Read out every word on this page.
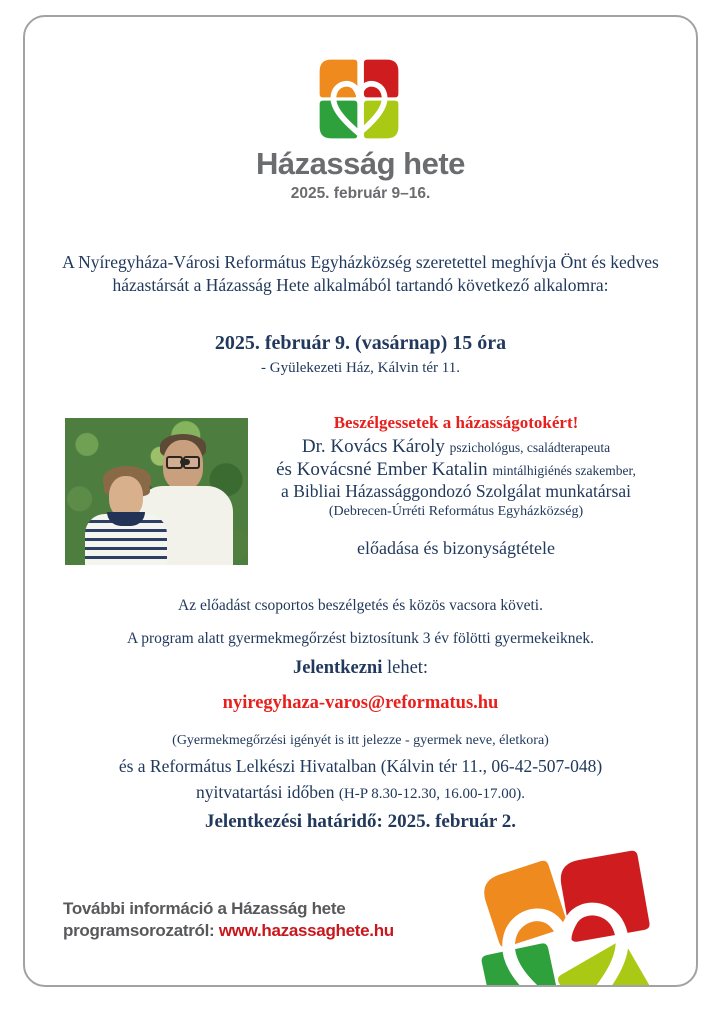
Házasság hete
2025. február 9–16.
A Nyíregyháza-Városi Református Egyházközség szeretettel meghívja Önt és kedves házastársát a Házasság Hete alkalmából tartandó következő alkalomra:
2025. február 9. (vasárnap) 15 óra
- Gyülekezeti Ház, Kálvin tér 11.
Beszélgessetek a házasságotokért!
Dr. Kovács Károly pszichológus, családterapeuta
és Kovácsné Ember Katalin mintálhigiénés szakember,
a Bibliai Házassággondozó Szolgálat munkatársai
(Debrecen-Úrréti Református Egyházközség)
előadása és bizonyságtétele
Az előadást csoportos beszélgetés és közös vacsora követi.
A program alatt gyermekmegőrzést biztosítunk 3 év fölötti gyermekeiknek.
Jelentkezni lehet:
nyiregyhaza-varos@reformatus.hu
(Gyermekmegőrzési igényét is itt jelezze - gyermek neve, életkora)
és a Református Lelkészi Hivatalban (Kálvin tér 11., 06-42-507-048)
nyitvatartási időben (H-P 8.30-12.30, 16.00-17.00).
Jelentkezési határidő: 2025. február 2.
További információ a Házasság hete
programsorozatról: www.hazassaghete.hu
